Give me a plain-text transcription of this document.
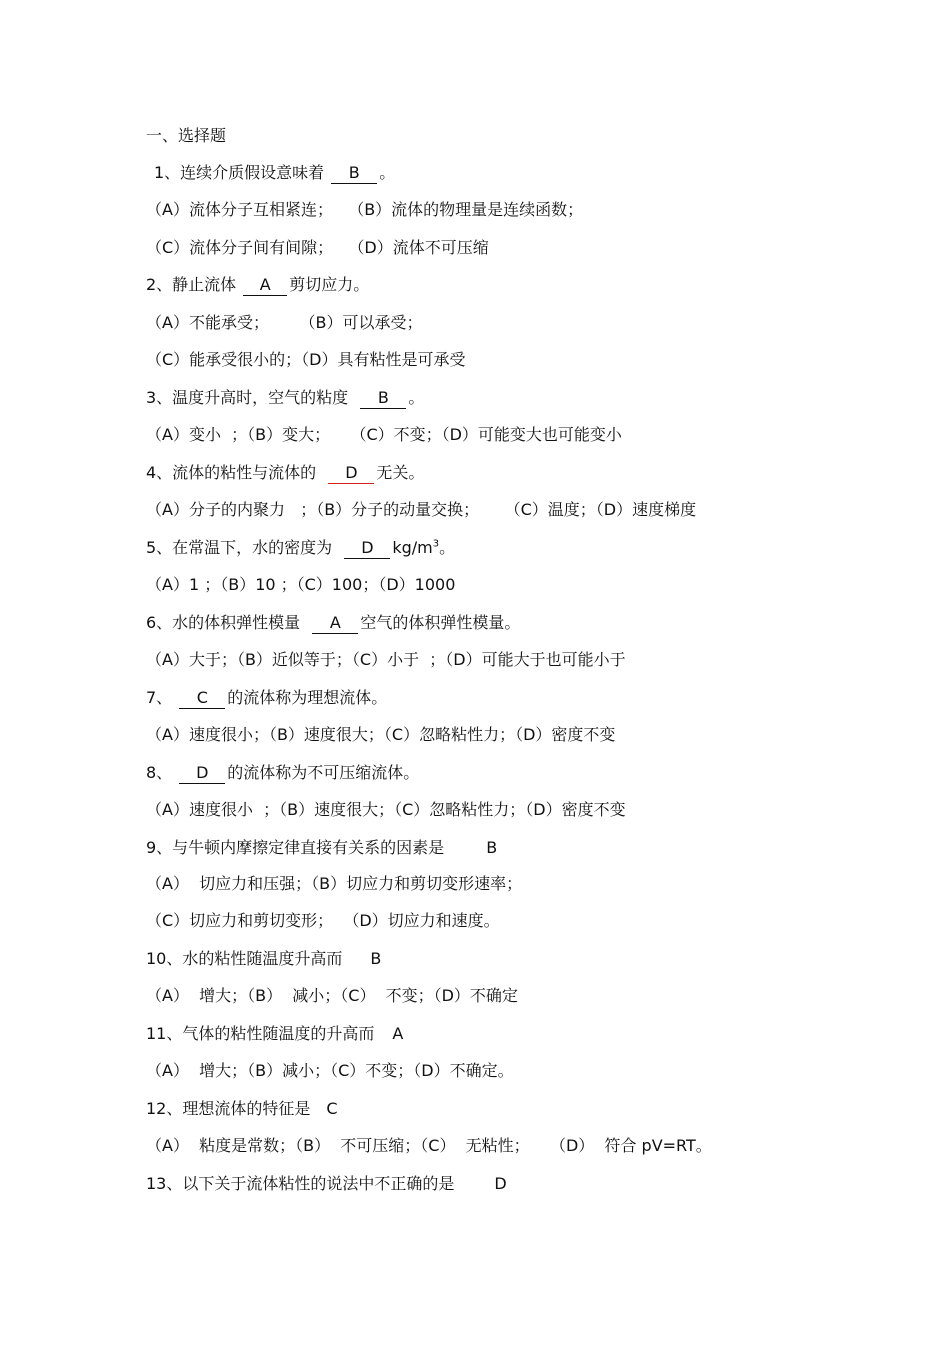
一、选择题
1、连续介质假设意味着 B 。
（A）流体分子互相紧连；   （B）流体的物理量是连续函数；
（C）流体分子间有间隙；   （D）流体不可压缩
2、静止流体 A 剪切应力。
（A）不能承受；      （B）可以承受；
（C）能承受很小的；（D）具有粘性是可承受
3、温度升高时，空气的粘度  B 。
（A）变小  ；（B）变大；    （C）不变；（D）可能变大也可能变小
4、流体的粘性与流体的  D 无关。
（A）分子的内聚力   ；（B）分子的动量交换；     （C）温度；（D）速度梯度
5、在常温下，水的密度为  D $kg/m^3$。
（A）1 ；（B）10 ；（C）100；（D）1000
6、水的体积弹性模量  A 空气的体积弹性模量。
（A）大于；（B）近似等于；（C）小于  ；（D）可能大于也可能小于
7、 C 的流体称为理想流体。
（A）速度很小；（B）速度很大；（C）忽略粘性力；（D）密度不变
8、 D 的流体称为不可压缩流体。
（A）速度很小  ；（B）速度很大；（C）忽略粘性力；（D）密度不变
9、与牛顿内摩擦定律直接有关系的因素是	B
（A）  切应力和压强；（B）切应力和剪切变形速率；
（C）切应力和剪切变形；  （D）切应力和速度。
10、水的粘性随温度升高而 B
（A）  增大；（B）  减小；（C）  不变；（D）不确定
11、气体的粘性随温度的升高而 A
（A）  增大；（B）减小；（C）不变；（D）不确定。
12、理想流体的特征是 C
（A）  粘度是常数；（B）  不可压缩；（C）  无粘性；    （D）  符合 pV=RT。
13、以下关于流体粘性的说法中不正确的是	D
